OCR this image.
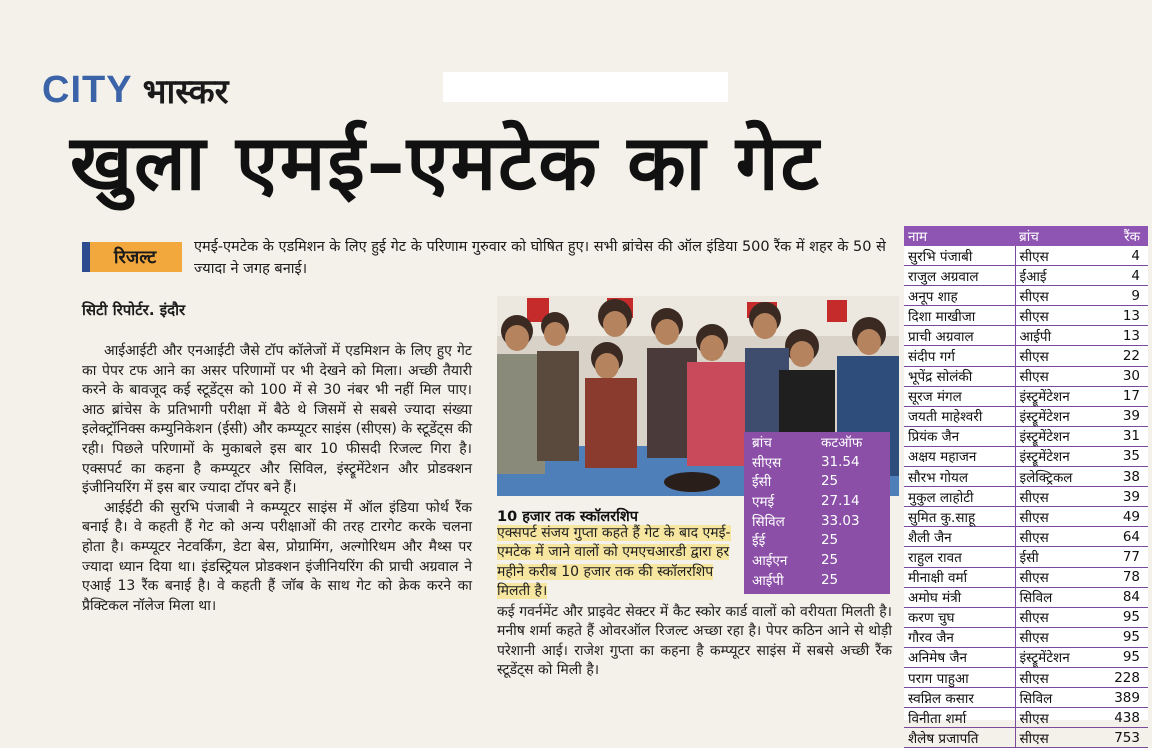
CITY भास्कर
खुला एमई–एमटेक का गेट
रिजल्ट	एमई-एमटेक के एडमिशन के लिए हुई गेट के परिणाम गुरुवार को घोषित हुए। सभी ब्रांचेस की ऑल इंडिया 500 रैंक में शहर के 50 से ज्यादा ने जगह बनाई।
सिटी रिपोर्टर. इंदौर

आईआईटी और एनआईटी जैसे टॉप कॉलेजों में एडमिशन के लिए हुए गेट का पेपर टफ आने का असर परिणामों पर भी देखने को मिला। अच्छी तैयारी करने के बावजूद कई स्टूडेंट्स को 100 में से 30 नंबर भी नहीं मिल पाए। आठ ब्रांचेस के प्रतिभागी परीक्षा में बैठे थे जिसमें से सबसे ज्यादा संख्या इलेक्ट्रॉनिक्स कम्युनिकेशन (ईसी) और कम्प्यूटर साइंस (सीएस) के स्टूडेंट्स की रही। पिछले परिणामों के मुकाबले इस बार 10 फीसदी रिजल्ट गिरा है। एक्सपर्ट का कहना है कम्प्यूटर और सिविल, इंस्ट्रूमेंटेशन और प्रोडक्शन इंजीनियरिंग में इस बार ज्यादा टॉपर बने हैं।

आईईटी की सुरभि पंजाबी ने कम्प्यूटर साइंस में ऑल इंडिया फोर्थ रैंक बनाई है। वे कहती हैं गेट को अन्य परीक्षाओं की तरह टारगेट करके चलना होता है। कम्प्यूटर नेटवर्किंग, डेटा बेस, प्रोग्रामिंग, अल्गोरिथम और मैथ्स पर ज्यादा ध्यान दिया था। इंडस्ट्रियल प्रोडक्शन इंजीनियरिंग की प्राची अग्रवाल ने एआई 13 रैंक बनाई है। वे कहती हैं जॉब के साथ गेट को क्रेक करने का प्रैक्टिकल नॉलेज मिला था।

ब्रांच	कटऑफ
सीएस	31.54
ईसी	25
एमई	27.14
सिविल	33.03
ईई	25
आईएन	25
आईपी	25
10 हजार तक स्कॉलरशिप
एक्सपर्ट संजय गुप्ता कहते हैं गेट के बाद एमई-एमटेक में जाने वालों को एमएचआरडी द्वारा हर महीने करीब 10 हजार तक की स्कॉलरशिप मिलती है।
कई गवर्नमेंट और प्राइवेट सेक्टर में कैट स्कोर कार्ड वालों को वरीयता मिलती है। मनीष शर्मा कहते हैं ओवरऑल रिजल्ट अच्छा रहा है। पेपर कठिन आने से थोड़ी परेशानी आई। राजेश गुप्ता का कहना है कम्प्यूटर साइंस में सबसे अच्छी रैंक स्टूडेंट्स को मिली है।
नाम	ब्रांच	रैंक
सुरभि पंजाबी	सीएस	4
राजुल अग्रवाल	ईआई	4
अनूप शाह	सीएस	9
दिशा माखीजा	सीएस	13
प्राची अग्रवाल	आईपी	13
संदीप गर्ग	सीएस	22
भूपेंद्र सोलंकी	सीएस	30
सूरज मंगल	इंस्ट्रूमेंटेशन	17
जयती माहेश्वरी	इंस्ट्रूमेंटेशन	39
प्रियंक जैन	इंस्ट्रूमेंटेशन	31
अक्षय महाजन	इंस्ट्रूमेंटेशन	35
सौरभ गोयल	इलेक्ट्रिकल	38
मुकुल लाहोटी	सीएस	39
सुमित कु.साहू	सीएस	49
शैली जैन	सीएस	64
राहुल रावत	ईसी	77
मीनाक्षी वर्मा	सीएस	78
अमोघ मंत्री	सिविल	84
करण चुघ	सीएस	95
गौरव जैन	सीएस	95
अनिमेष जैन	इंस्ट्रूमेंटेशन	95
पराग पाहुआ	सीएस	228
स्वप्निल कसार	सिविल	389
विनीता शर्मा	सीएस	438
शैलेष प्रजापति	सीएस	753
